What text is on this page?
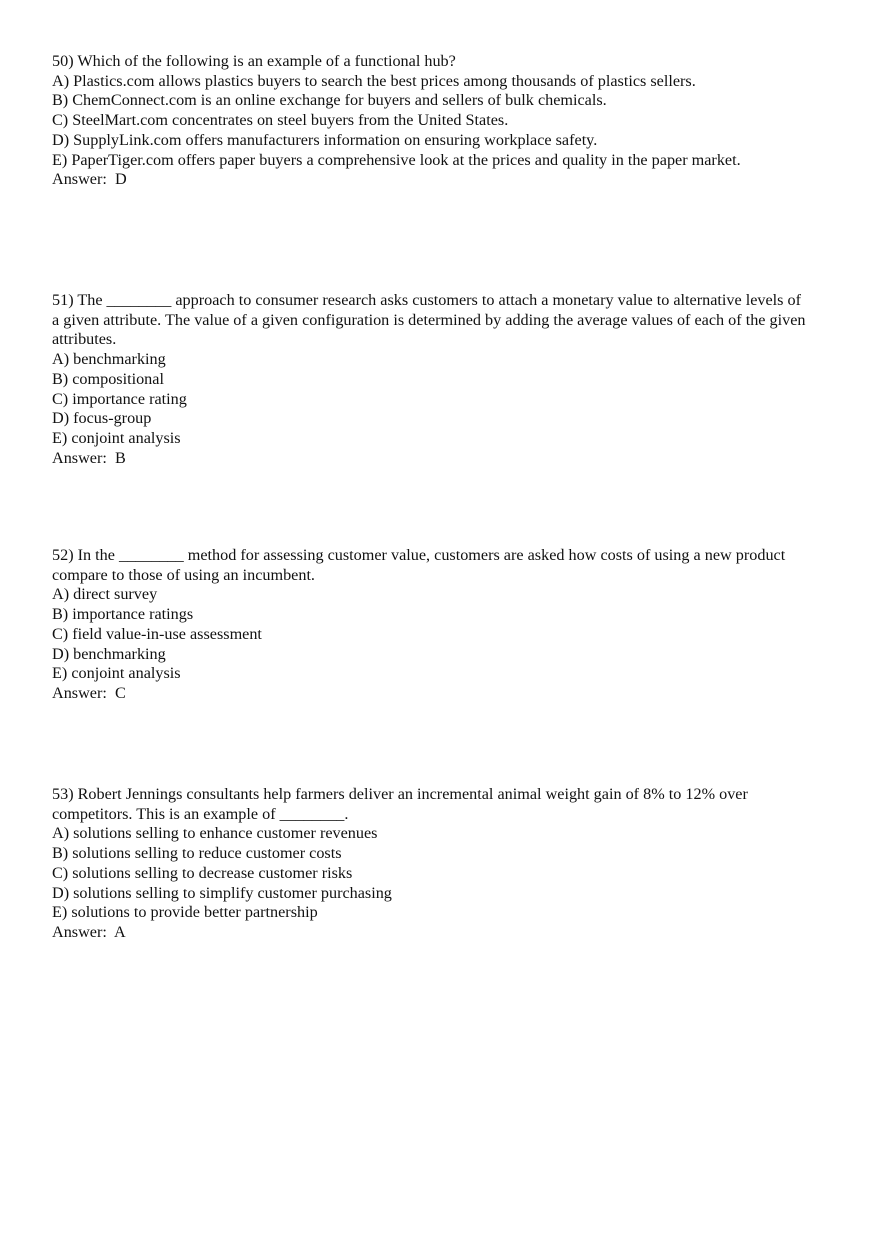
50) Which of the following is an example of a functional hub?
A) Plastics.com allows plastics buyers to search the best prices among thousands of plastics sellers.
B) ChemConnect.com is an online exchange for buyers and sellers of bulk chemicals.
C) SteelMart.com concentrates on steel buyers from the United States.
D) SupplyLink.com offers manufacturers information on ensuring workplace safety.
E) PaperTiger.com offers paper buyers a comprehensive look at the prices and quality in the paper market.
Answer:  D
51) The ________ approach to consumer research asks customers to attach a monetary value to alternative levels of a given attribute. The value of a given configuration is determined by adding the average values of each of the given attributes.
A) benchmarking
B) compositional
C) importance rating
D) focus-group
E) conjoint analysis
Answer:  B
52) In the ________ method for assessing customer value, customers are asked how costs of using a new product compare to those of using an incumbent.
A) direct survey
B) importance ratings
C) field value-in-use assessment
D) benchmarking
E) conjoint analysis
Answer:  C
53) Robert Jennings consultants help farmers deliver an incremental animal weight gain of 8% to 12% over competitors. This is an example of ________.
A) solutions selling to enhance customer revenues
B) solutions selling to reduce customer costs
C) solutions selling to decrease customer risks
D) solutions selling to simplify customer purchasing
E) solutions to provide better partnership
Answer:  A
